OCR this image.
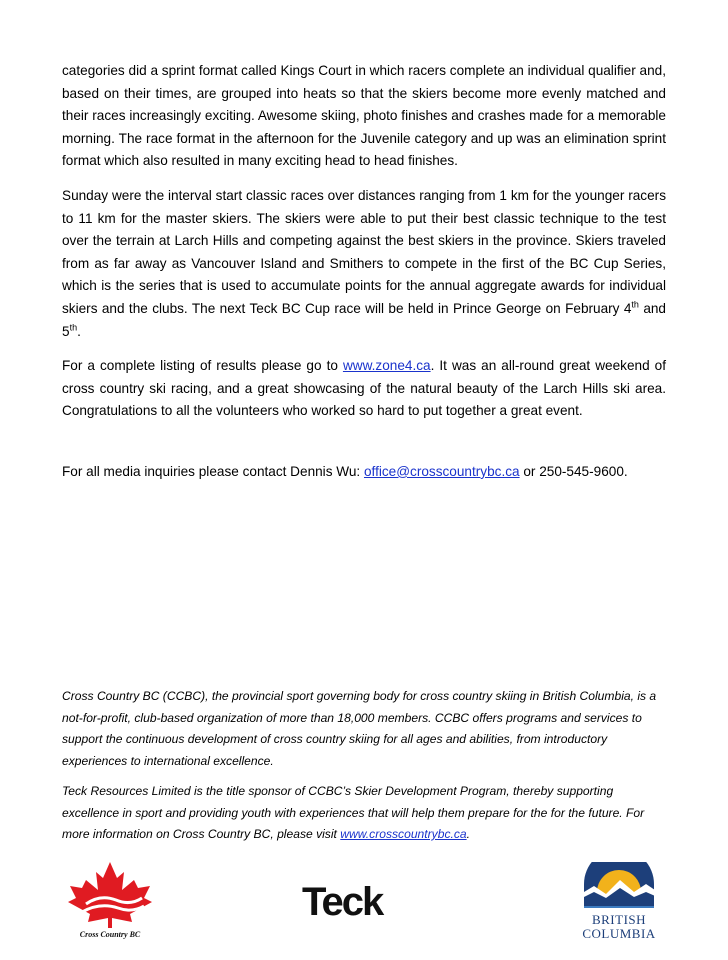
categories did a sprint format called Kings Court in which racers complete an individual qualifier and, based on their times, are grouped into heats so that the skiers become more evenly matched and their races increasingly exciting. Awesome skiing, photo finishes and crashes made for a memorable morning. The race format in the afternoon for the Juvenile category and up was an elimination sprint format which also resulted in many exciting head to head finishes.

Sunday were the interval start classic races over distances ranging from 1 km for the younger racers to 11 km for the master skiers. The skiers were able to put their best classic technique to the test over the terrain at Larch Hills and competing against the best skiers in the province. Skiers traveled from as far away as Vancouver Island and Smithers to compete in the first of the BC Cup Series, which is the series that is used to accumulate points for the annual aggregate awards for individual skiers and the clubs. The next Teck BC Cup race will be held in Prince George on February 4th and 5th.

For a complete listing of results please go to www.zone4.ca. It was an all-round great weekend of cross country ski racing, and a great showcasing of the natural beauty of the Larch Hills ski area. Congratulations to all the volunteers who worked so hard to put together a great event.

For all media inquiries please contact Dennis Wu: office@crosscountrybc.ca or 250-545-9600.

Cross Country BC (CCBC), the provincial sport governing body for cross country skiing in British Columbia, is a not-for-profit, club-based organization of more than 18,000 members. CCBC offers programs and services to support the continuous development of cross country skiing for all ages and abilities, from introductory experiences to international excellence.

Teck Resources Limited is the title sponsor of CCBC’s Skier Development Program, thereby supporting excellence in sport and providing youth with experiences that will help them prepare for the for the future. For more information on Cross Country BC, please visit www.crosscountrybc.ca.

Cross Country BC
Teck	BRITISH
COLUMBIA
